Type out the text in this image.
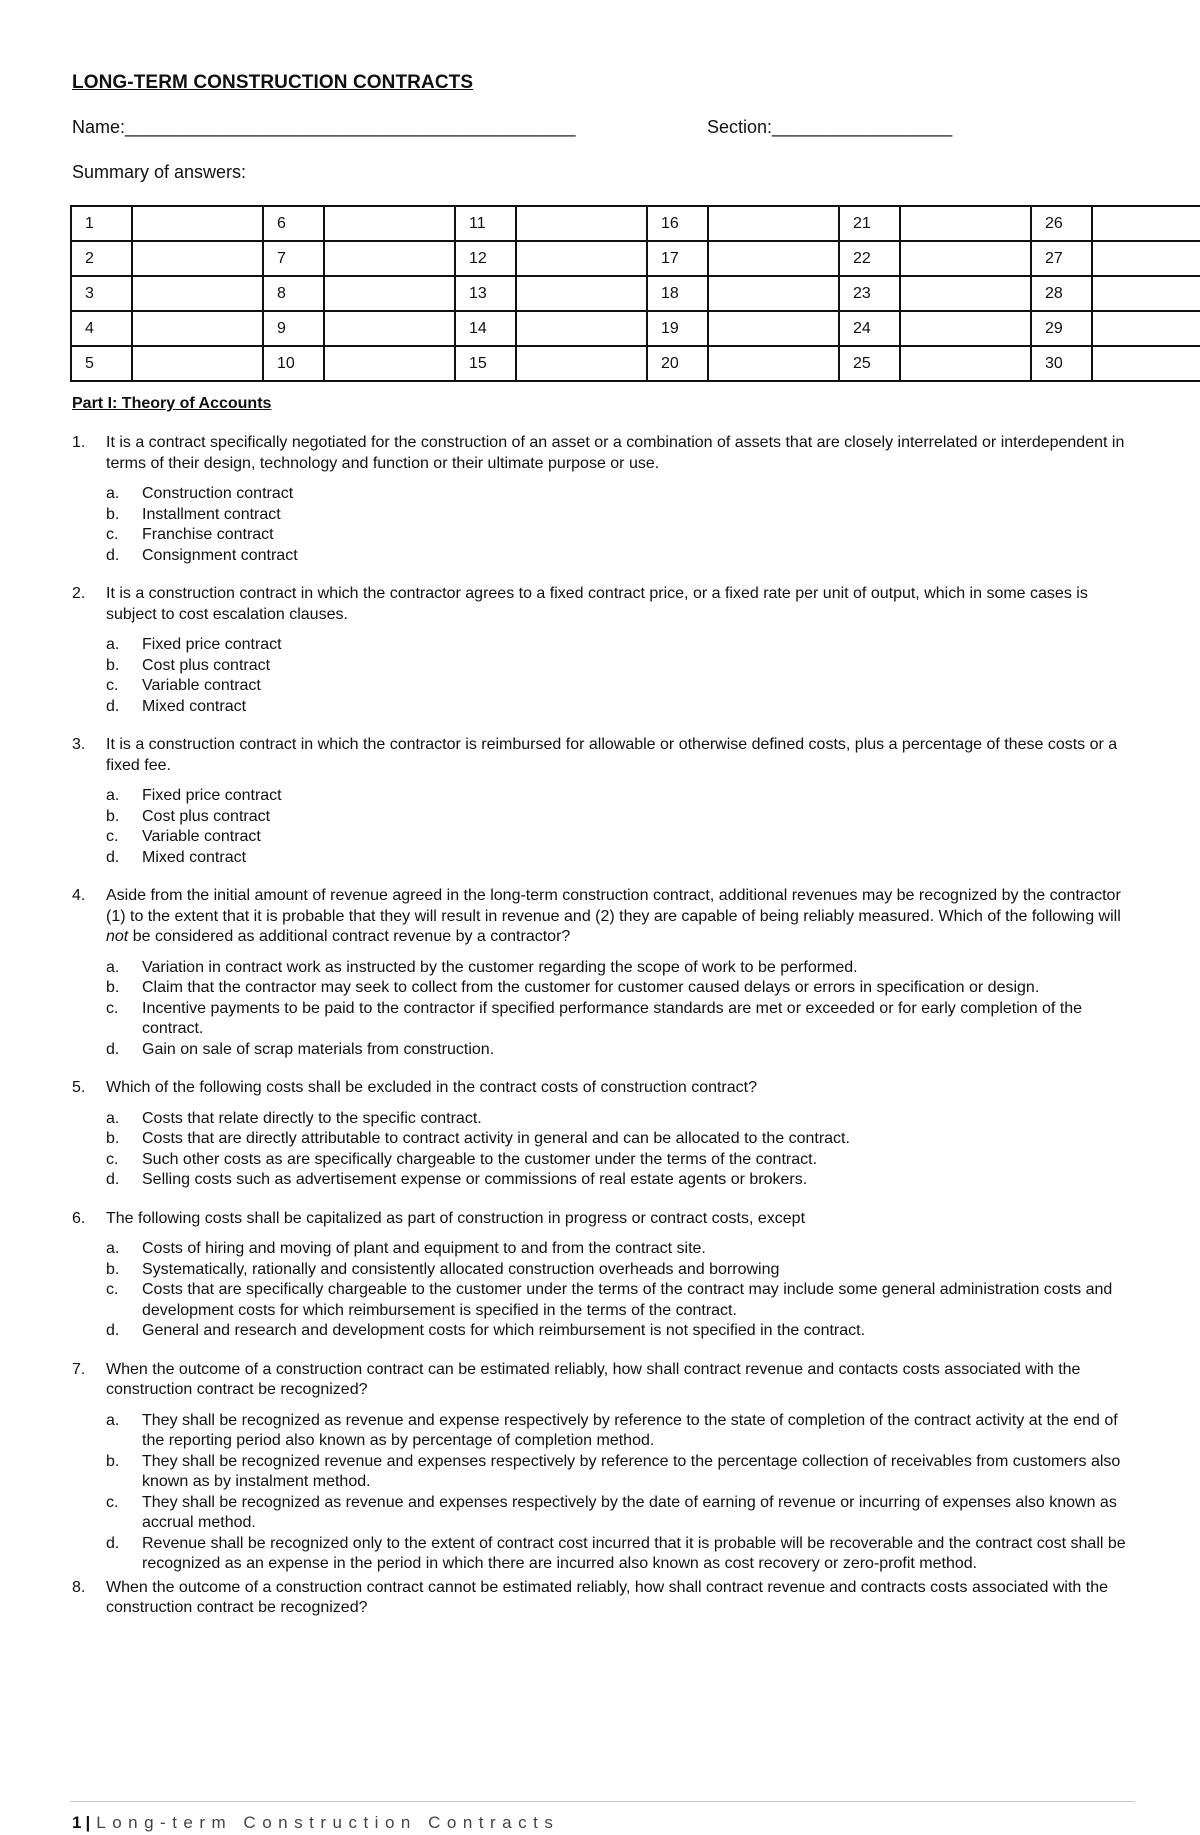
LONG-TERM CONSTRUCTION CONTRACTS
Name:_____________________________________________	Section:__________________
Summary of answers:
1		6		11		16		21		26	
2		7		12		17		22		27	
3		8		13		18		23		28	
4		9		14		19		24		29	
5		10		15		20		25		30	
Part I: Theory of Accounts
1.	It is a contract specifically negotiated for the construction of an asset or a combination of assets that are closely interrelated or interdependent in terms of their design, technology and function or their ultimate purpose or use.
a. Construction contract
b. Installment contract
c. Franchise contract
d. Consignment contract
2.	It is a construction contract in which the contractor agrees to a fixed contract price, or a fixed rate per unit of output, which in some cases is subject to cost escalation clauses.
a. Fixed price contract
b. Cost plus contract
c. Variable contract
d. Mixed contract
3.	It is a construction contract in which the contractor is reimbursed for allowable or otherwise defined costs, plus a percentage of these costs or a fixed fee.
a. Fixed price contract
b. Cost plus contract
c. Variable contract
d. Mixed contract
4.	Aside from the initial amount of revenue agreed in the long-term construction contract, additional revenues may be recognized by the contractor (1) to the extent that it is probable that they will result in revenue and (2) they are capable of being reliably measured. Which of the following will not be considered as additional contract revenue by a contractor?
a. Variation in contract work as instructed by the customer regarding the scope of work to be performed.
b. Claim that the contractor may seek to collect from the customer for customer caused delays or errors in specification or design.
c. Incentive payments to be paid to the contractor if specified performance standards are met or exceeded or for early completion of the contract.
d. Gain on sale of scrap materials from construction.
5.	Which of the following costs shall be excluded in the contract costs of construction contract?
a. Costs that relate directly to the specific contract.
b. Costs that are directly attributable to contract activity in general and can be allocated to the contract.
c. Such other costs as are specifically chargeable to the customer under the terms of the contract.
d. Selling costs such as advertisement expense or commissions of real estate agents or brokers.
6.	The following costs shall be capitalized as part of construction in progress or contract costs, except
a. Costs of hiring and moving of plant and equipment to and from the contract site.
b. Systematically, rationally and consistently allocated construction overheads and borrowing
c. Costs that are specifically chargeable to the customer under the terms of the contract may include some general administration costs and development costs for which reimbursement is specified in the terms of the contract.
d. General and research and development costs for which reimbursement is not specified in the contract.
7.	When the outcome of a construction contract can be estimated reliably, how shall contract revenue and contacts costs associated with the construction contract be recognized?
a. They shall be recognized as revenue and expense respectively by reference to the state of completion of the contract activity at the end of the reporting period also known as by percentage of completion method.
b. They shall be recognized revenue and expenses respectively by reference to the percentage collection of receivables from customers also known as by instalment method.
c. They shall be recognized as revenue and expenses respectively by the date of earning of revenue or incurring of expenses also known as accrual method.
d. Revenue shall be recognized only to the extent of contract cost incurred that it is probable will be recoverable and the contract cost shall be recognized as an expense in the period in which there are incurred also known as cost recovery or zero-profit method.
8.	When the outcome of a construction contract cannot be estimated reliably, how shall contract revenue and contracts costs associated with the construction contract be recognized?
1 | Long-term Construction Contracts
